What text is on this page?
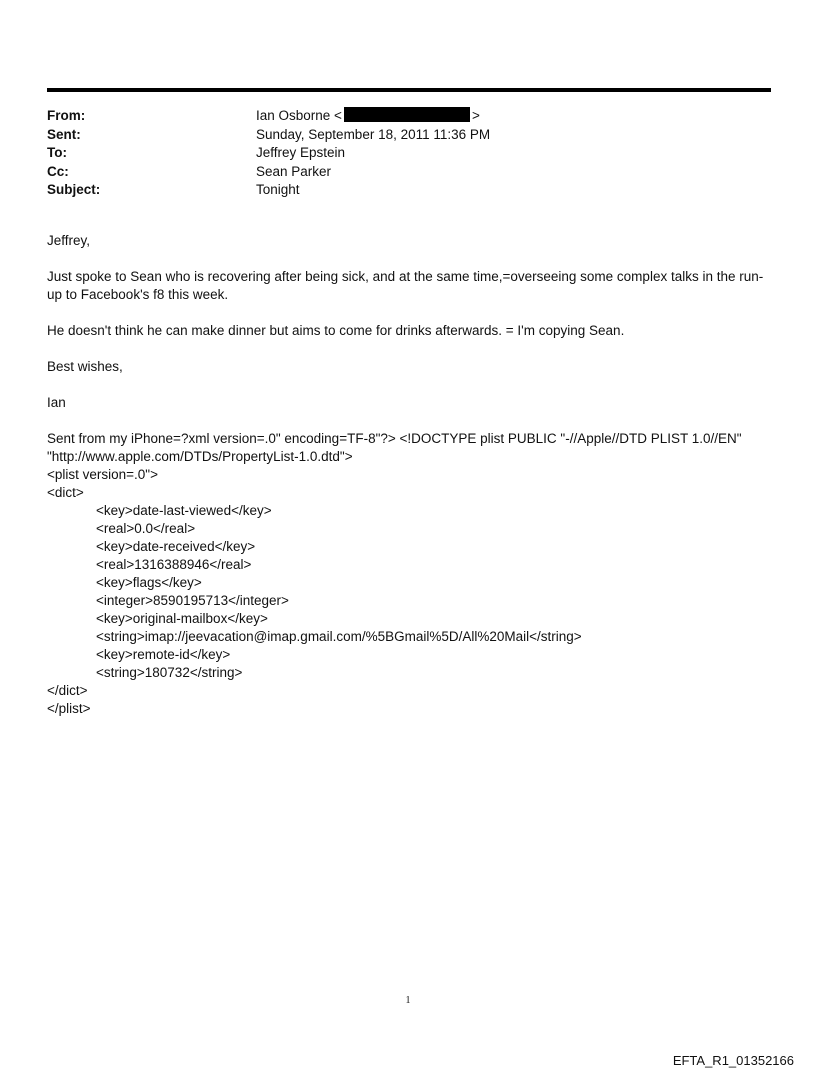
From:	Ian Osborne <	>
Sent:	Sunday, September 18, 2011 11:36 PM
To:	Jeffrey Epstein
Cc:	Sean Parker
Subject:	Tonight

Jeffrey,

Just spoke to Sean who is recovering after being sick, and at the same time,=overseeing some complex talks in the run-
up to Facebook's f8 this week.

He doesn't think he can make dinner but aims to come for drinks afterwards. = I'm copying Sean.

Best wishes,

Ian

Sent from my iPhone=?xml version=.0" encoding=TF-8"?> <!DOCTYPE plist PUBLIC "-//Apple//DTD PLIST 1.0//EN"

"http://www.apple.com/DTDs/PropertyList-1.0.dtd">

<plist version=.0">

<dict>

<key>date-last-viewed</key>

<real>0.0</real>

<key>date-received</key>

<real>1316388946</real>

<key>flags</key>

<integer>8590195713</integer>

<key>original-mailbox</key>

<string>imap://jeevacation@imap.gmail.com/%5BGmail%5D/All%20Mail</string>

<key>remote-id</key>

<string>180732</string>

</dict>

</plist>

1
EFTA_R1_01352166
